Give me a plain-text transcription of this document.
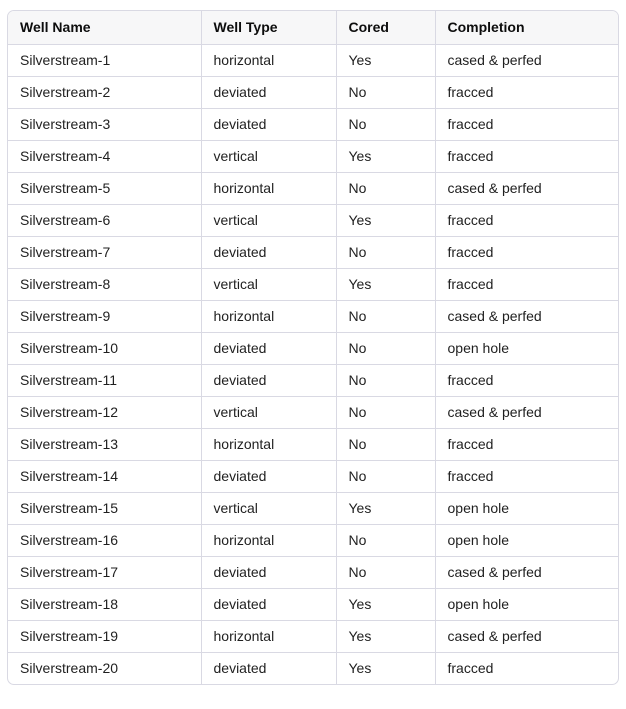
Well Name	Well Type	Cored	Completion
Silverstream-1	horizontal	Yes	cased & perfed
Silverstream-2	deviated	No	fracced
Silverstream-3	deviated	No	fracced
Silverstream-4	vertical	Yes	fracced
Silverstream-5	horizontal	No	cased & perfed
Silverstream-6	vertical	Yes	fracced
Silverstream-7	deviated	No	fracced
Silverstream-8	vertical	Yes	fracced
Silverstream-9	horizontal	No	cased & perfed
Silverstream-10	deviated	No	open hole
Silverstream-11	deviated	No	fracced
Silverstream-12	vertical	No	cased & perfed
Silverstream-13	horizontal	No	fracced
Silverstream-14	deviated	No	fracced
Silverstream-15	vertical	Yes	open hole
Silverstream-16	horizontal	No	open hole
Silverstream-17	deviated	No	cased & perfed
Silverstream-18	deviated	Yes	open hole
Silverstream-19	horizontal	Yes	cased & perfed
Silverstream-20	deviated	Yes	fracced
